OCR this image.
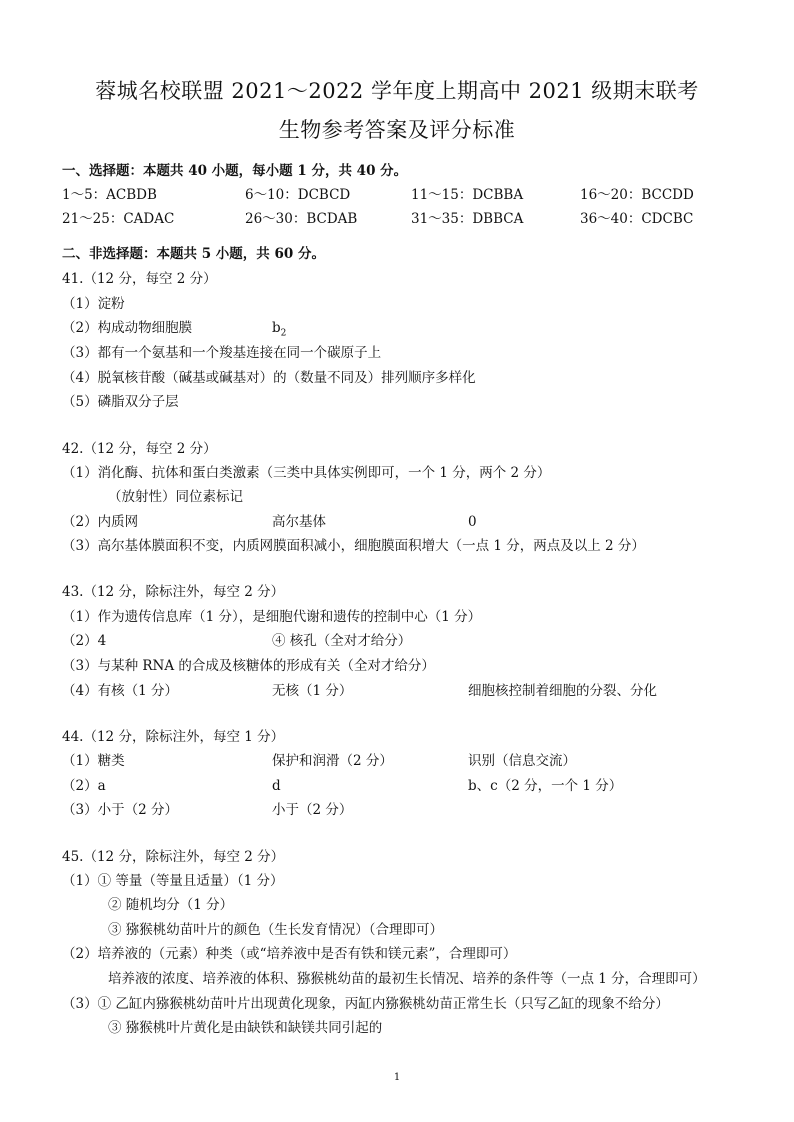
蓉城名校联盟 2021～2022 学年度上期高中 2021 级期末联考
生物参考答案及评分标准
一、选择题：本题共 40 小题，每小题 1 分，共 40 分。
1～5：ACBDB	6～10：DCBCD	11～15：DCBBA	16～20：BCCDD
21～25：CADAC	26～30：BCDAB	31～35：DBBCA	36～40：CDCBC
二、非选择题：本题共 5 小题，共 60 分。
41.（12 分，每空 2 分）
（1）淀粉
（2）构成动物细胞膜	$b_2$
（3）都有一个氨基和一个羧基连接在同一个碳原子上
（4）脱氧核苷酸（碱基或碱基对）的（数量不同及）排列顺序多样化
（5）磷脂双分子层
42.（12 分，每空 2 分）
（1）消化酶、抗体和蛋白类激素（三类中具体实例即可，一个 1 分，两个 2 分）
（放射性）同位素标记
（2）内质网	高尔基体	0
（3）高尔基体膜面积不变，内质网膜面积减小，细胞膜面积增大（一点 1 分，两点及以上 2 分）
43.（12 分，除标注外，每空 2 分）
（1）作为遗传信息库（1 分），是细胞代谢和遗传的控制中心（1 分）
（2）4	④ 核孔（全对才给分）
（3）与某种 RNA 的合成及核糖体的形成有关（全对才给分）
（4）有核（1 分）	无核（1 分）	细胞核控制着细胞的分裂、分化
44.（12 分，除标注外，每空 1 分）
（1）糖类	保护和润滑（2 分）	识别（信息交流）
（2）a	d	b、c（2 分，一个 1 分）
（3）小于（2 分）	小于（2 分）
45.（12 分，除标注外，每空 2 分）
（1）① 等量（等量且适量）（1 分）
② 随机均分（1 分）
③ 猕猴桃幼苗叶片的颜色（生长发育情况）（合理即可）
（2）培养液的（元素）种类（或“培养液中是否有铁和镁元素”，合理即可）
培养液的浓度、培养液的体积、猕猴桃幼苗的最初生长情况、培养的条件等（一点 1 分，合理即可）
（3）① 乙缸内猕猴桃幼苗叶片出现黄化现象，丙缸内猕猴桃幼苗正常生长（只写乙缸的现象不给分）
③ 猕猴桃叶片黄化是由缺铁和缺镁共同引起的
1
